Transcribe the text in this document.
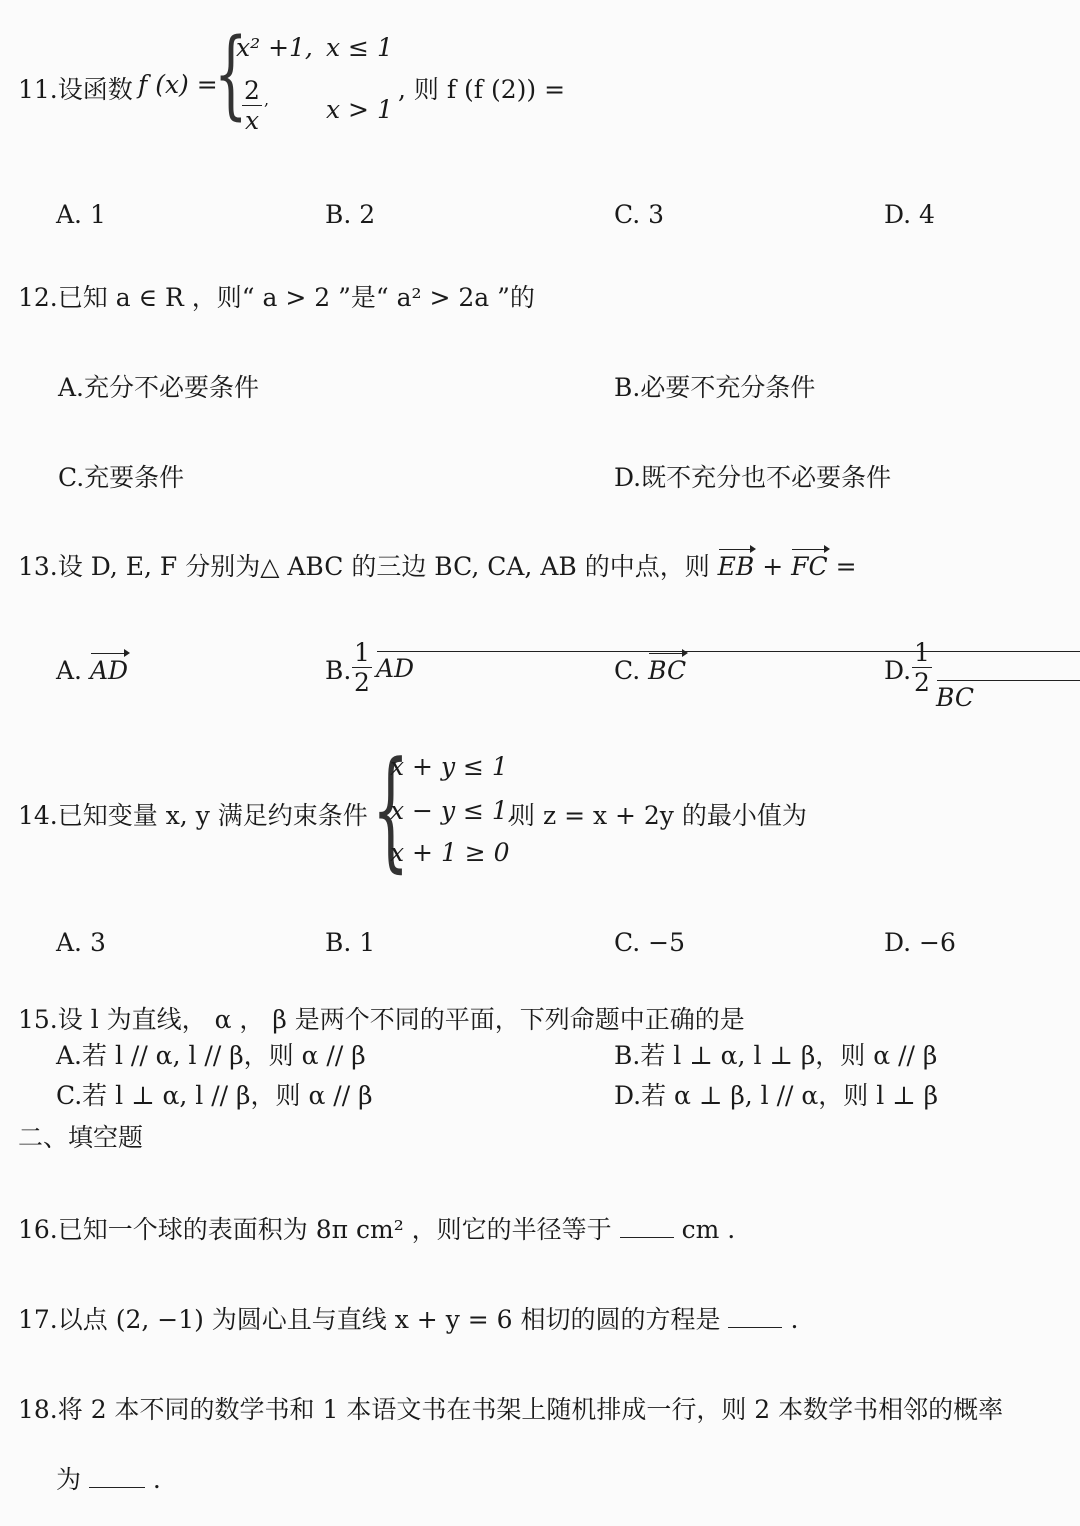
11.设函数 f (x) =
{
x² +1, x ≤ 1
2
x
, x > 1
, 则 f (f (2)) =
A. 1	B. 2	C. 3	D. 4
12.已知 a ∈ R ，则“ a > 2 ”是“ a² > 2a ”的
A.充分不必要条件	B.必要不充分条件
C.充要条件	D.既不充分也不必要条件
13.设 D, E, F 分别为△ ABC 的三边 BC, CA, AB 的中点，则 EB + FC =
A. AD	B.
1
2 AD	C. BC	D.
1
2
BC
14.已知变量 x, y 满足约束条件 {
x + y ≤ 1
x − y ≤ 1,
x + 1 ≥ 0
则 z = x + 2y 的最小值为
A. 3	B. 1	C. −5	D. −6
15.设 l 为直线， α ， β 是两个不同的平面，下列命题中正确的是
A.若 l // α, l // β，则 α // β	B.若 l ⊥ α, l ⊥ β，则 α // β
C.若 l ⊥ α, l // β，则 α // β	D.若 α ⊥ β, l // α，则 l ⊥ β
二、填空题
16.已知一个球的表面积为 8π cm² ，则它的半径等于	cm .
17.以点 (2, −1) 为圆心且与直线 x + y = 6 相切的圆的方程是	.
18.将 2 本不同的数学书和 1 本语文书在书架上随机排成一行，则 2 本数学书相邻的概率
为	.
